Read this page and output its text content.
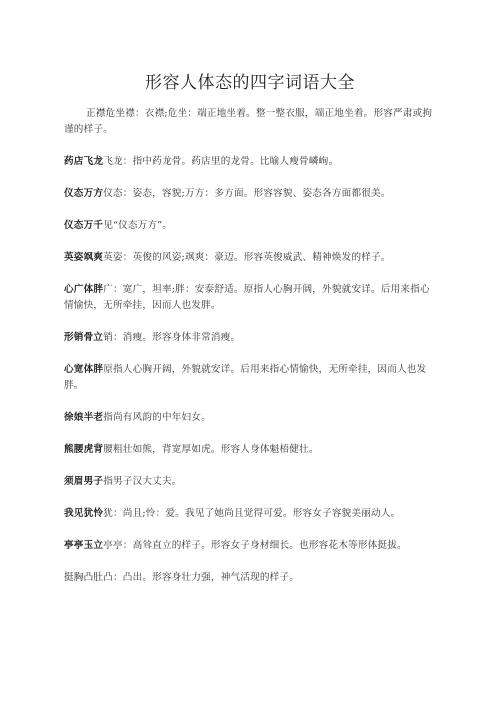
形容人体态的四字词语大全

正襟危坐襟：衣襟;危坐：端正地坐着。整一整衣服，端正地坐着。形容严肃或拘谨的样子。

药店飞龙飞龙：指中药龙骨。药店里的龙骨。比喻人瘦骨嶙峋。

仪态万方仪态：姿态，容貌;万方：多方面。形容容貌、姿态各方面都很美。

仪态万千见“仪态万方”。

英姿飒爽英姿：英俊的风姿;飒爽：豪迈。形容英俊威武、精神焕发的样子。

心广体胖广：宽广，坦率;胖：安泰舒适。原指人心胸开阔，外貌就安详。后用来指心情愉快，无所牵挂，因而人也发胖。

形销骨立销：消瘦。形容身体非常消瘦。

心宽体胖原指人心胸开阔，外貌就安详。后用来指心情愉快，无所牵挂，因而人也发胖。

徐娘半老指尚有风韵的中年妇女。

熊腰虎背腰粗壮如熊，背宽厚如虎。形容人身体魁梧健壮。

须眉男子指男子汉大丈夫。

我见犹怜犹：尚且;怜：爱。我见了她尚且觉得可爱。形容女子容貌美丽动人。

亭亭玉立亭亭：高耸直立的样子。形容女子身材细长。也形容花木等形体挺拔。

挺胸凸肚凸：凸出。形容身壮力强，神气活现的样子。
